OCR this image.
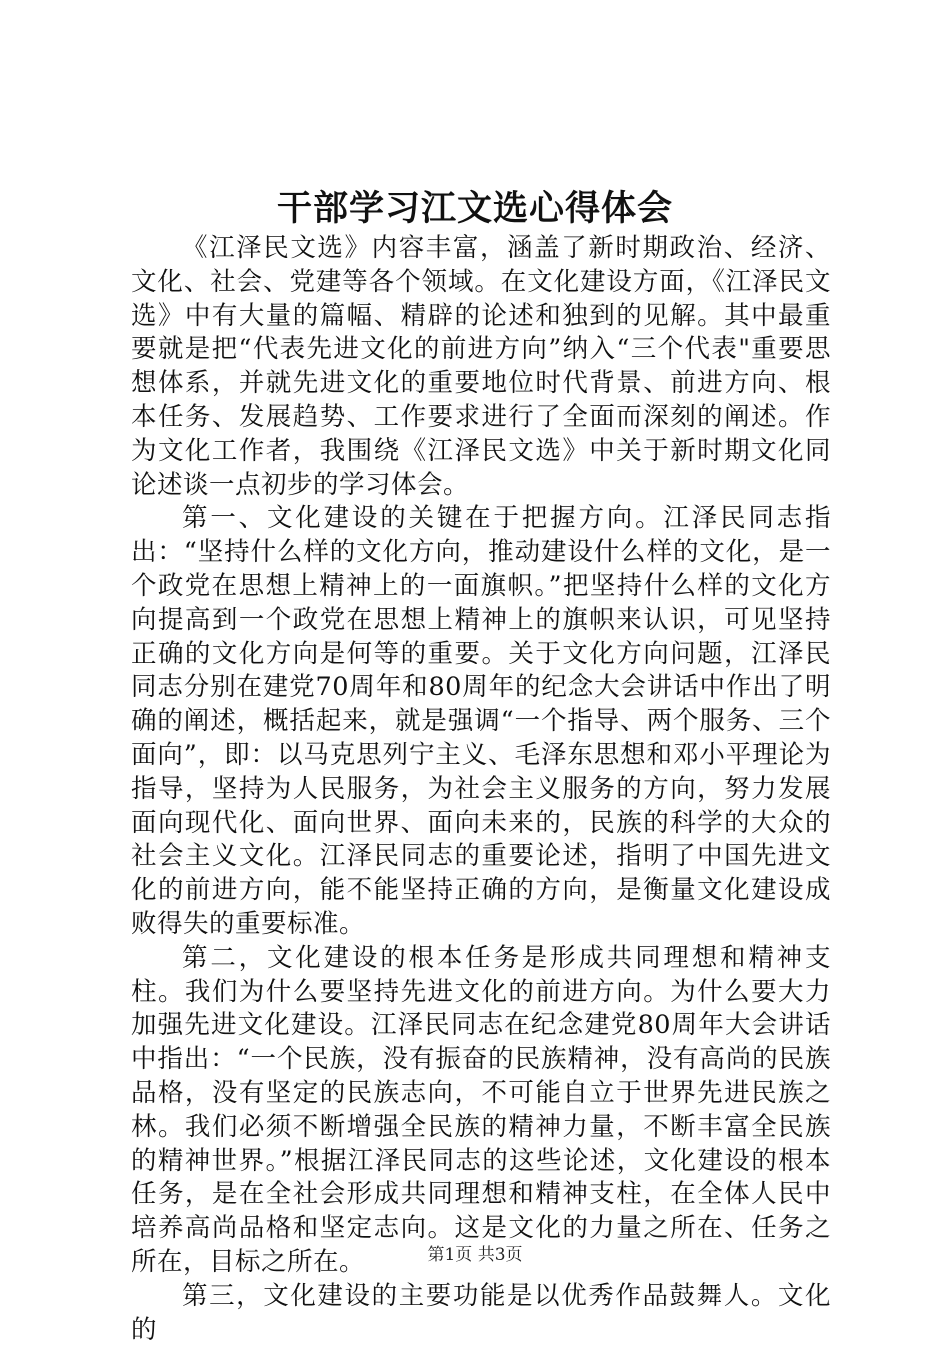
干部学习江文选心得体会

《江泽民文选》内容丰富，涵盖了新时期政治、经济、文化、社会、党建等各个领域。在文化建设方面，《江泽民文选》中有大量的篇幅、精辟的论述和独到的见解。其中最重要就是把“代表先进文化的前进方向”纳入“三个代表"重要思想体系，并就先进文化的重要地位时代背景、前进方向、根本任务、发展趋势、工作要求进行了全面而深刻的阐述。作为文化工作者，我围绕《江泽民文选》中关于新时期文化同论述谈一点初步的学习体会。

第一、文化建设的关键在于把握方向。江泽民同志指出：“坚持什么样的文化方向，推动建设什么样的文化，是一个政党在思想上精神上的一面旗帜。”把坚持什么样的文化方向提高到一个政党在思想上精神上的旗帜来认识，可见坚持正确的文化方向是何等的重要。关于文化方向问题，江泽民同志分别在建党70周年和80周年的纪念大会讲话中作出了明确的阐述，概括起来，就是强调“一个指导、两个服务、三个面向”，即：以马克思列宁主义、毛泽东思想和邓小平理论为指导，坚持为人民服务，为社会主义服务的方向，努力发展面向现代化、面向世界、面向未来的，民族的科学的大众的社会主义文化。江泽民同志的重要论述，指明了中国先进文化的前进方向，能不能坚持正确的方向，是衡量文化建设成败得失的重要标准。

第二，文化建设的根本任务是形成共同理想和精神支柱。我们为什么要坚持先进文化的前进方向。为什么要大力加强先进文化建设。江泽民同志在纪念建党80周年大会讲话中指出：“一个民族，没有振奋的民族精神，没有高尚的民族品格，没有坚定的民族志向，不可能自立于世界先进民族之林。我们必须不断增强全民族的精神力量，不断丰富全民族的精神世界。”根据江泽民同志的这些论述，文化建设的根本任务，是在全社会形成共同理想和精神支柱，在全体人民中培养高尚品格和坚定志向。这是文化的力量之所在、任务之所在，目标之所在。

第三，文化建设的主要功能是以优秀作品鼓舞人。文化的

第1页 共3页
